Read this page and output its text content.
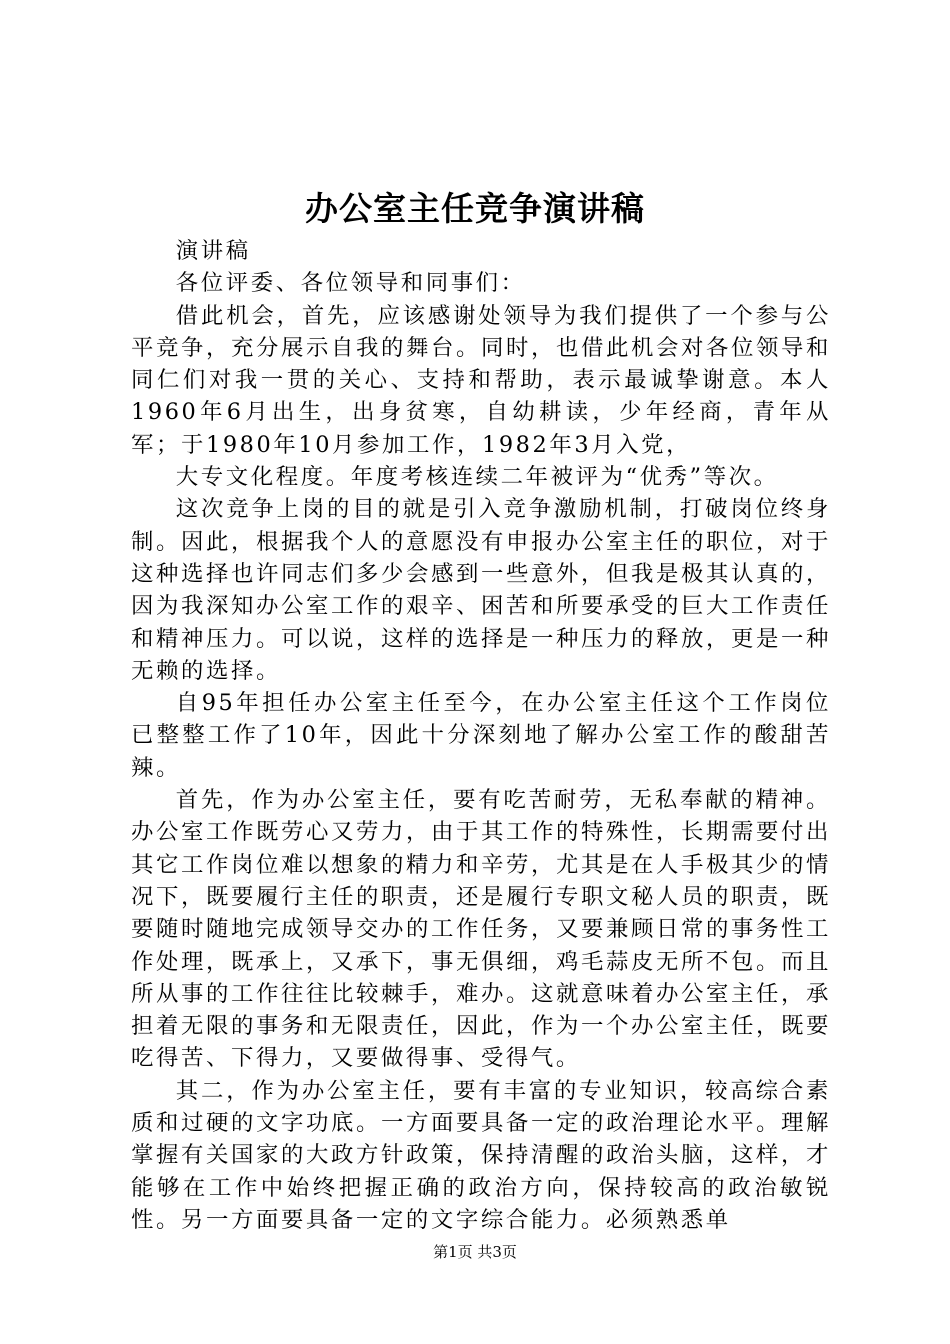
办公室主任竞争演讲稿

演讲稿

各位评委、各位领导和同事们：

借此机会，首先，应该感谢处领导为我们提供了一个参与公平竞争，充分展示自我的舞台。同时，也借此机会对各位领导和同仁们对我一贯的关心、支持和帮助，表示最诚挚谢意。本人1960年6月出生，出身贫寒，自幼耕读，少年经商，青年从军；于1980年10月参加工作，1982年3月入党，

大专文化程度。年度考核连续二年被评为“优秀”等次。

这次竞争上岗的目的就是引入竞争激励机制，打破岗位终身制。因此，根据我个人的意愿没有申报办公室主任的职位，对于这种选择也许同志们多少会感到一些意外，但我是极其认真的，因为我深知办公室工作的艰辛、困苦和所要承受的巨大工作责任和精神压力。可以说，这样的选择是一种压力的释放，更是一种无赖的选择。

自95年担任办公室主任至今，在办公室主任这个工作岗位已整整工作了10年，因此十分深刻地了解办公室工作的酸甜苦辣。

首先，作为办公室主任，要有吃苦耐劳，无私奉献的精神。办公室工作既劳心又劳力，由于其工作的特殊性，长期需要付出其它工作岗位难以想象的精力和辛劳，尤其是在人手极其少的情况下，既要履行主任的职责，还是履行专职文秘人员的职责，既要随时随地完成领导交办的工作任务，又要兼顾日常的事务性工作处理，既承上，又承下，事无俱细，鸡毛蒜皮无所不包。而且所从事的工作往往比较棘手，难办。这就意味着办公室主任，承担着无限的事务和无限责任，因此，作为一个办公室主任，既要吃得苦、下得力，又要做得事、受得气。

其二，作为办公室主任，要有丰富的专业知识，较高综合素质和过硬的文字功底。一方面要具备一定的政治理论水平。理解掌握有关国家的大政方针政策，保持清醒的政治头脑，这样，才能够在工作中始终把握正确的政治方向，保持较高的政治敏锐性。另一方面要具备一定的文字综合能力。必须熟悉单

第1页 共3页
